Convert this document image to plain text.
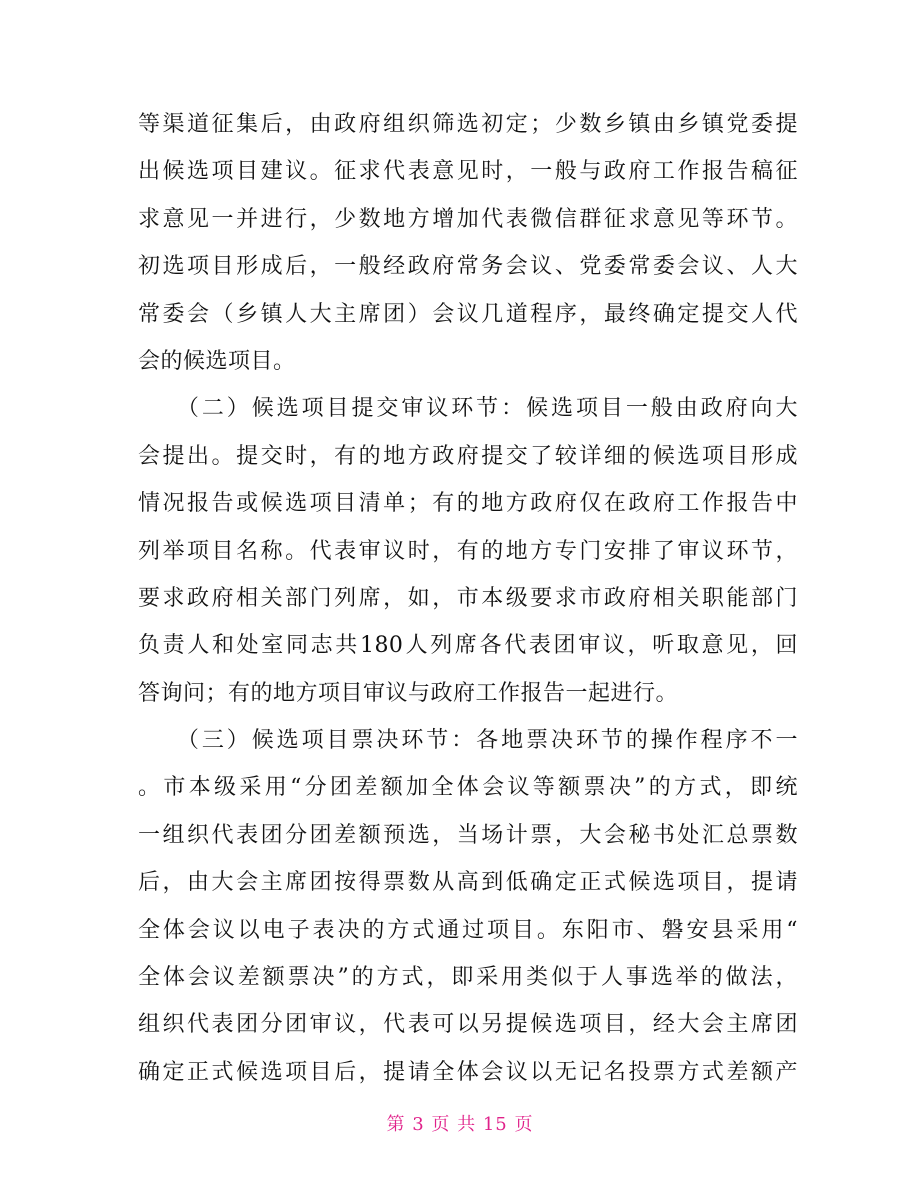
等渠道征集后，由政府组织筛选初定；少数乡镇由乡镇党委提
出候选项目建议。征求代表意见时，一般与政府工作报告稿征
求意见一并进行，少数地方增加代表微信群征求意见等环节。
初选项目形成后，一般经政府常务会议、党委常委会议、人大
常委会（乡镇人大主席团）会议几道程序，最终确定提交人代
会的候选项目。
　　（二）候选项目提交审议环节：候选项目一般由政府向大
会提出。提交时，有的地方政府提交了较详细的候选项目形成
情况报告或候选项目清单；有的地方政府仅在政府工作报告中
列举项目名称。代表审议时，有的地方专门安排了审议环节，
要求政府相关部门列席，如，市本级要求市政府相关职能部门
负责人和处室同志共180人列席各代表团审议，听取意见，回
答询问；有的地方项目审议与政府工作报告一起进行。
　　（三）候选项目票决环节：各地票决环节的操作程序不一
。市本级采用“分团差额加全体会议等额票决”的方式，即统
一组织代表团分团差额预选，当场计票，大会秘书处汇总票数
后，由大会主席团按得票数从高到低确定正式候选项目，提请
全体会议以电子表决的方式通过项目。东阳市、磐安县采用“
全体会议差额票决”的方式，即采用类似于人事选举的做法，
组织代表团分团审议，代表可以另提候选项目，经大会主席团
确定正式候选项目后，提请全体会议以无记名投票方式差额产
第 3 页 共 15 页
